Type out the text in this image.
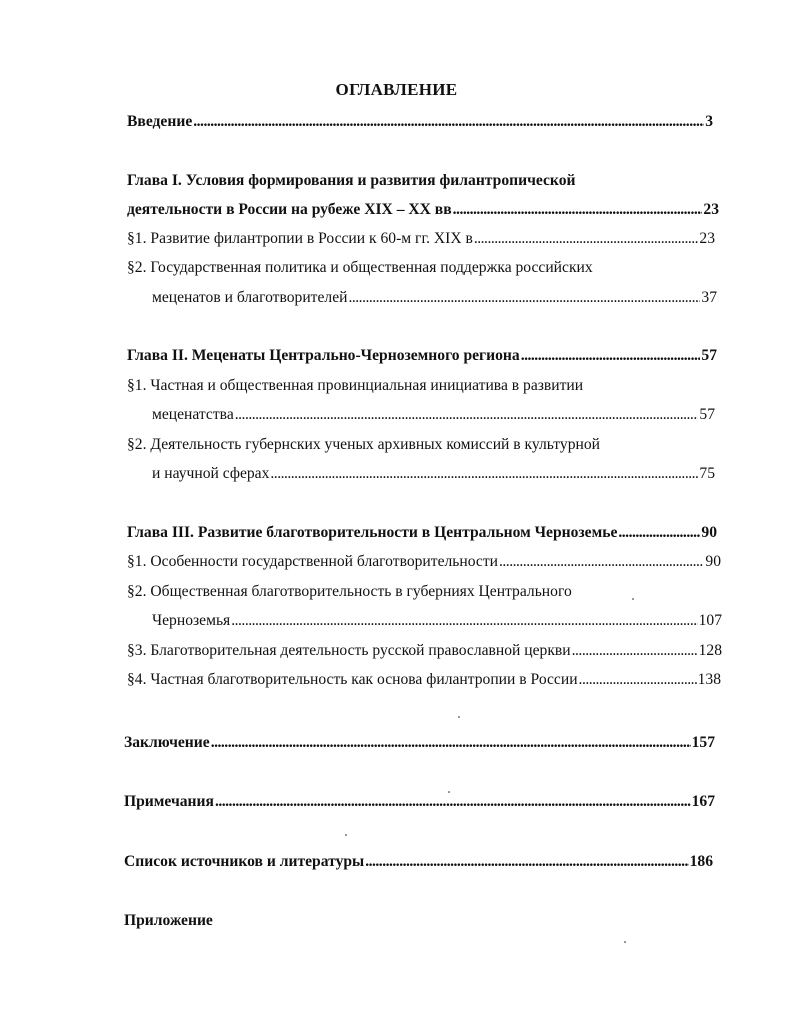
ОГЛАВЛЕНИЕ
Введение . . .	3
Глава I. Условия формирования и развития филантропической
деятельности в России на рубеже XIX – XX вв . . .	23
§1. Развитие филантропии в России к 60-м гг. XIX в . . .	23
§2. Государственная политика и общественная поддержка российских
меценатов и благотворителей . . .	37
Глава II. Меценаты Центрально-Черноземного региона . . .	57
§1. Частная и общественная провинциальная инициатива в развитии
меценатства . . .	57
§2. Деятельность губернских ученых архивных комиссий в культурной
и научной сферах . . .	75
Глава III. Развитие благотворительности в Центральном Черноземье . . .	90
§1. Особенности государственной благотворительности . . .	90
§2. Общественная благотворительность в губерниях Центрального
Черноземья . . .	107
§3. Благотворительная деятельность русской православной церкви . . .	128
§4. Частная благотворительность как основа филантропии в России . . .	138
Заключение . . .	157
Примечания . . .	167
Список источников и литературы . . .	186
Приложение
